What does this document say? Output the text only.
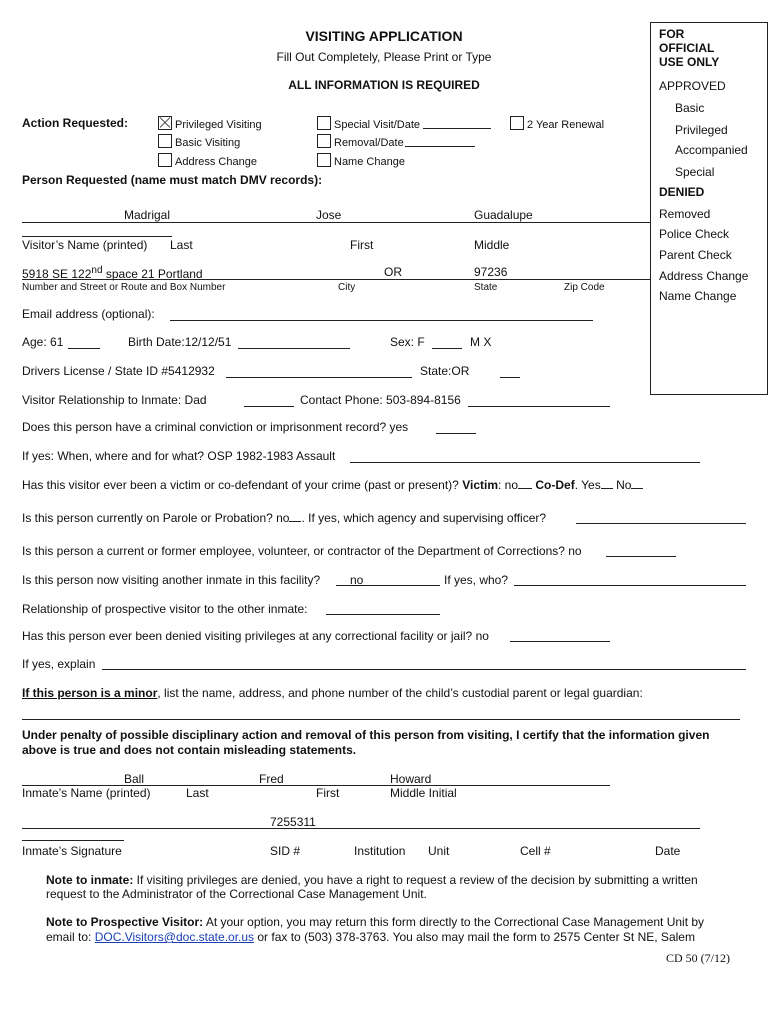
VISITING APPLICATION
Fill Out Completely, Please Print or Type
ALL INFORMATION IS REQUIRED
FOR
OFFICIAL
USE ONLY
APPROVED
Basic
Privileged
Accompanied
Special
DENIED
Removed
Police Check
Parent Check
Address Change
Name Change
Action Requested:	Privileged Visiting
Basic Visiting
Address Change
Special Visit/Date
Removal/Date
Name Change
2 Year Renewal
Person Requested (name must match DMV records):
Madrigal	Jose	Guadalupe
Visitor’s Name (printed) Last	First	Middle
5918 SE 122nd space 21 Portland	OR	97236
Number and Street or Route and Box Number	City	State	Zip Code
Email address (optional):
Age: 61	Birth Date:12/12/51	Sex: F	M X
Drivers License / State ID #5412932	State:OR
Visitor Relationship to Inmate: Dad	Contact Phone: 503-894-8156
Does this person have a criminal conviction or imprisonment record? yes
If yes: When, where and for what? OSP 1982-1983 Assault
Has this visitor ever been a victim or co-defendant of your crime (past or present)? Victim: no Co-Def. Yes No
Is this person currently on Parole or Probation? no . If yes, which agency and supervising officer?
Is this person a current or former employee, volunteer, or contractor of the Department of Corrections? no
Is this person now visiting another inmate in this facility? no	If yes, who?
Relationship of prospective visitor to the other inmate:
Has this person ever been denied visiting privileges at any correctional facility or jail? no
If yes, explain
If this person is a minor, list the name, address, and phone number of the child’s custodial parent or legal guardian:
Under penalty of possible disciplinary action and removal of this person from visiting, I certify that the information given
above is true and does not contain misleading statements.
Ball	Fred	Howard
Inmate’s Name (printed)	Last	First	Middle Initial
7255311
Inmate’s Signature	SID #	Institution Unit	Cell #	Date
Note to inmate: If visiting privileges are denied, you have a right to request a review of the decision by submitting a written
request to the Administrator of the Correctional Case Management Unit.
Note to Prospective Visitor: At your option, you may return this form directly to the Correctional Case Management Unit by
email to: DOC.Visitors@doc.state.or.us or fax to (503) 378-3763. You also may mail the form to 2575 Center St NE, Salem
CD 50 (7/12)
